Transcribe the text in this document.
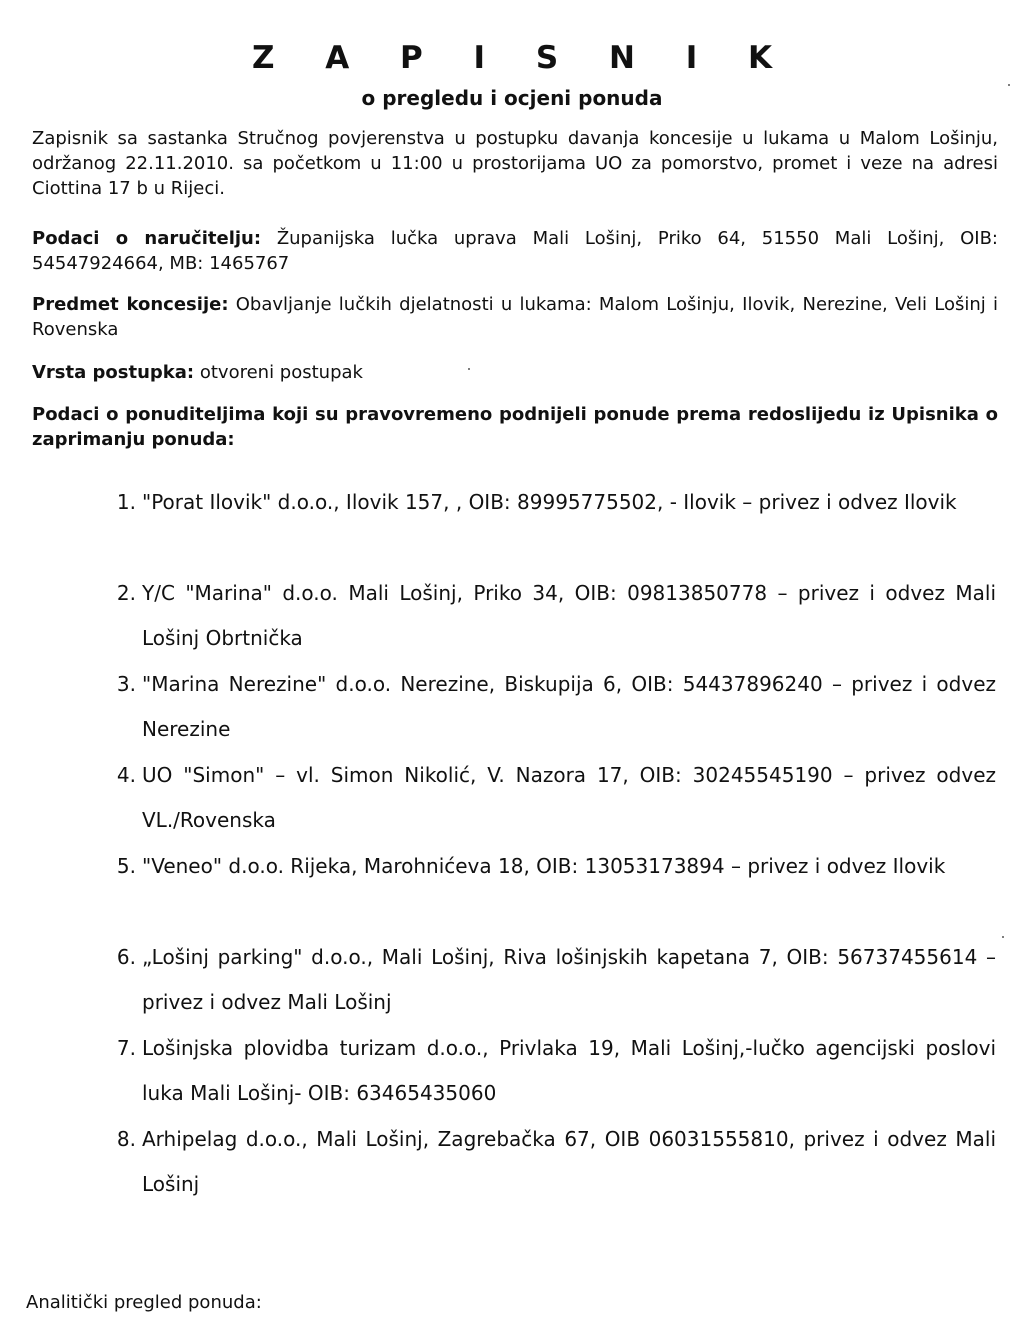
Z A P I S N I K
o pregledu i ocjeni ponuda

Zapisnik sa sastanka Stručnog povjerenstva u postupku davanja koncesije u lukama u Malom Lošinju, održanog 22.11.2010. sa početkom u 11:00 u prostorijama UO za pomorstvo, promet i veze na adresi Ciottina 17 b u Rijeci.

Podaci o naručitelju: Županijska lučka uprava Mali Lošinj, Priko 64, 51550 Mali Lošinj, OIB: 54547924664, MB: 1465767

Predmet koncesije: Obavljanje lučkih djelatnosti u lukama: Malom Lošinju, Ilovik, Nerezine, Veli Lošinj i Rovenska

Vrsta postupka: otvoreni postupak

Podaci o ponuditeljima koji su pravovremeno podnijeli ponude prema redoslijedu iz Upisnika o zaprimanju ponuda:

1. "Porat Ilovik" d.o.o., Ilovik 157, , OIB: 89995775502, - Ilovik – privez i odvez Ilovik
2. Y/C "Marina" d.o.o. Mali Lošinj, Priko 34, OIB: 09813850778 – privez i odvez Mali Lošinj Obrtnička
3. "Marina Nerezine" d.o.o. Nerezine, Biskupija 6, OIB: 54437896240 – privez i odvez Nerezine
4. UO "Simon" – vl. Simon Nikolić, V. Nazora 17, OIB: 30245545190 – privez odvez VL./Rovenska
5. "Veneo" d.o.o. Rijeka, Marohnićeva 18, OIB: 13053173894 – privez i odvez Ilovik
6. „Lošinj parking" d.o.o., Mali Lošinj, Riva lošinjskih kapetana 7, OIB: 56737455614 – privez i odvez Mali Lošinj
7. Lošinjska plovidba turizam d.o.o., Privlaka 19, Mali Lošinj,-lučko agencijski poslovi luka Mali Lošinj- OIB: 63465435060
8. Arhipelag d.o.o., Mali Lošinj, Zagrebačka 67, OIB 06031555810, privez i odvez Mali Lošinj

Analitički pregled ponuda:
